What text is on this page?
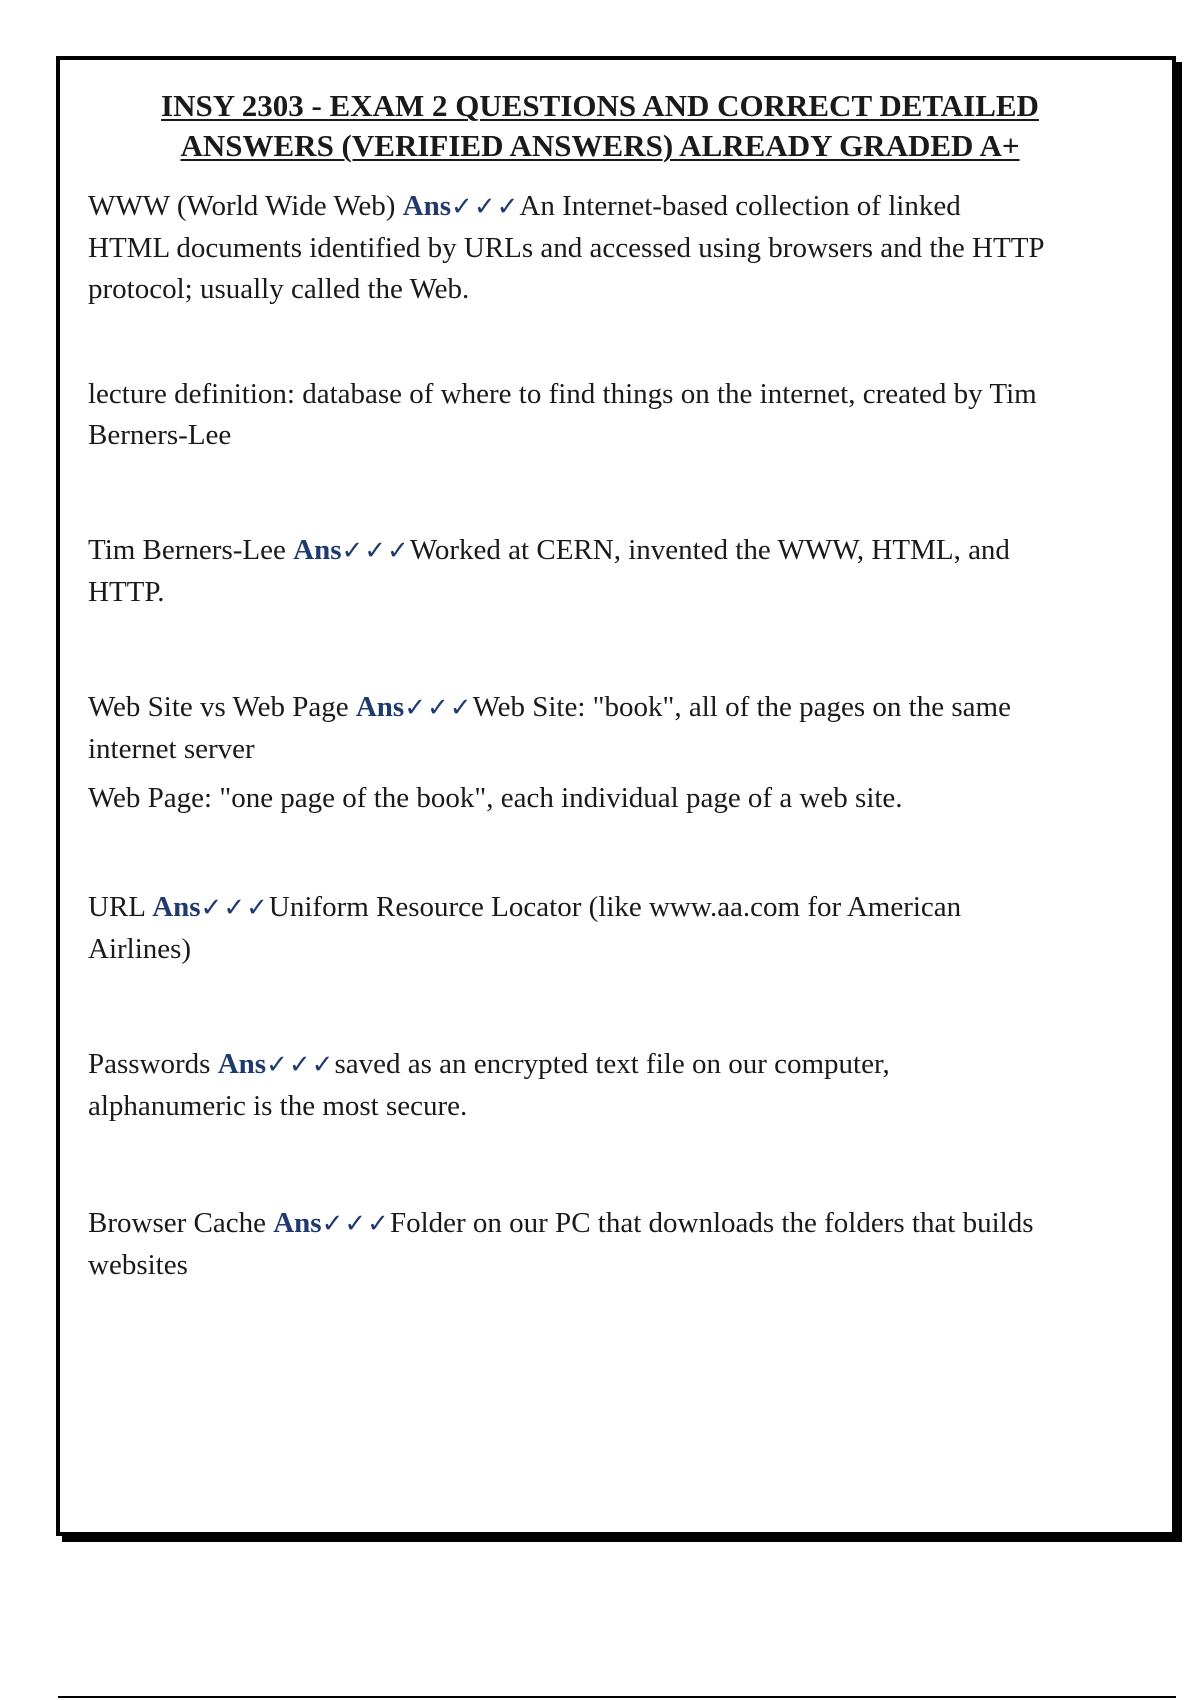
INSY 2303 - EXAM 2 QUESTIONS AND CORRECT DETAILED
ANSWERS (VERIFIED ANSWERS) ALREADY GRADED A+

WWW (World Wide Web) Ans✓✓✓An Internet-based collection of linked HTML documents identified by URLs and accessed using browsers and the HTTP protocol; usually called the Web.

lecture definition: database of where to find things on the internet, created by Tim Berners-Lee

Tim Berners-Lee Ans✓✓✓Worked at CERN, invented the WWW, HTML, and HTTP.

Web Site vs Web Page Ans✓✓✓Web Site: "book", all of the pages on the same internet server

Web Page: "one page of the book", each individual page of a web site.

URL Ans✓✓✓Uniform Resource Locator (like www.aa.com for American Airlines)

Passwords Ans✓✓✓saved as an encrypted text file on our computer, alphanumeric is the most secure.

Browser Cache Ans✓✓✓Folder on our PC that downloads the folders that builds websites
